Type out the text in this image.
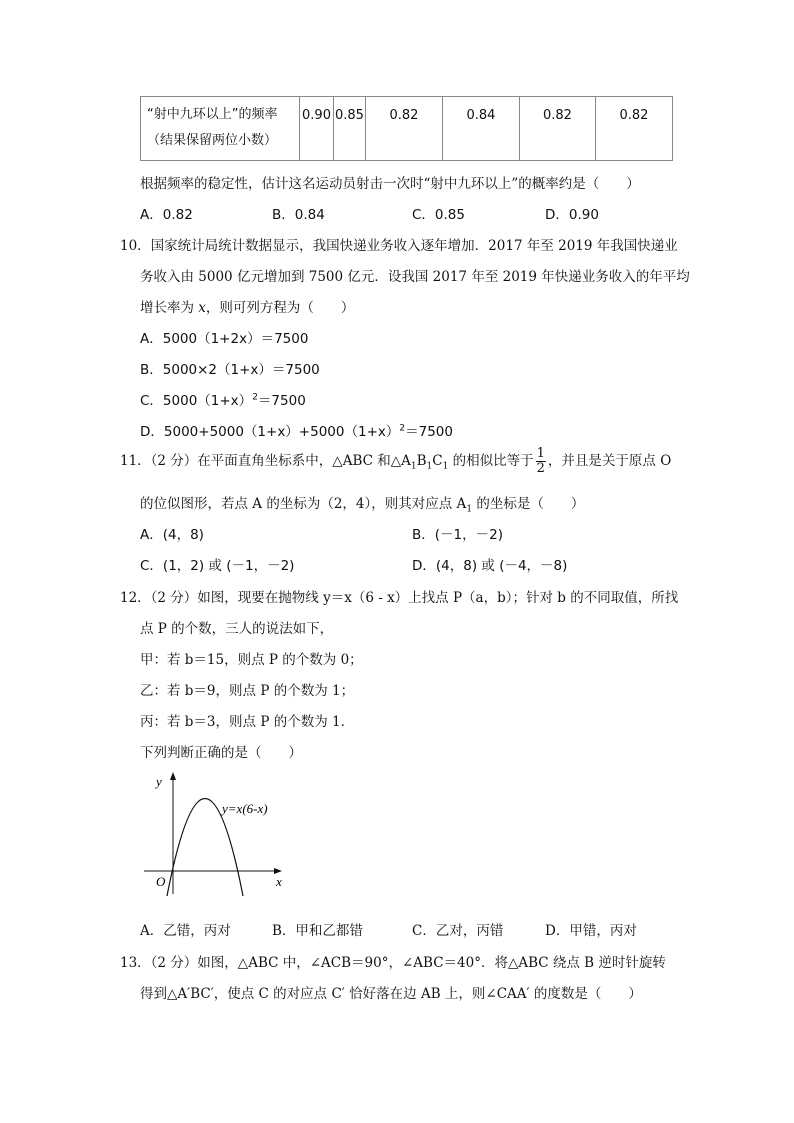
“射中九环以上”的频率
（结果保留两位小数）
	0.90	0.85	0.82	0.84	0.82	0.82
根据频率的稳定性，估计这名运动员射击一次时“射中九环以上”的概率约是（　　）
A．0.82	B．0.84	C．0.85	D．0.90
10．国家统计局统计数据显示，我国快递业务收入逐年增加．2017 年至 2019 年我国快递业
务收入由 5000 亿元增加到 7500 亿元．设我国 2017 年至 2019 年快递业务收入的年平均
增长率为 x，则可列方程为（　　）
A．5000（1+2x）＝7500
B．5000×2（1+x）＝7500
C．$5000(1+x)^2=7500$
D．$5000+5000(1+x)+5000(1+x)^2=7500$
11．（2 分）在平面直角坐标系中，△ABC 和$\triangle A_1B_1C_1$ 的相似比等于 $\frac{1}{2}$ ，并且是关于原点 O
的位似图形，若点 A 的坐标为（2，4），则其对应点 $A_1$ 的坐标是（　　）
A．(4，8)	B．(－1，－2)
C．(1，2) 或 (－1，－2)	D．(4，8) 或 (－4，－8)
12．（2 分）如图，现要在抛物线 y＝x（6 - x）上找点 P（a，b）；针对 b 的不同取值，所找
点 P 的个数，三人的说法如下，
甲：若 b＝15，则点 P 的个数为 0；
乙：若 b＝9，则点 P 的个数为 1；
丙：若 b＝3，则点 P 的个数为 1．
下列判断正确的是（　　）
y
x
O
y=x(6-x)
A．乙错，丙对	B．甲和乙都错	C．乙对，丙错	D．甲错，丙对
13．（2 分）如图，△ABC 中，∠ACB＝90°，∠ABC＝40°．将△ABC 绕点 B 逆时针旋转
得到△A′BC′，使点 C 的对应点 C′ 恰好落在边 AB 上，则∠CAA′ 的度数是（　　）
